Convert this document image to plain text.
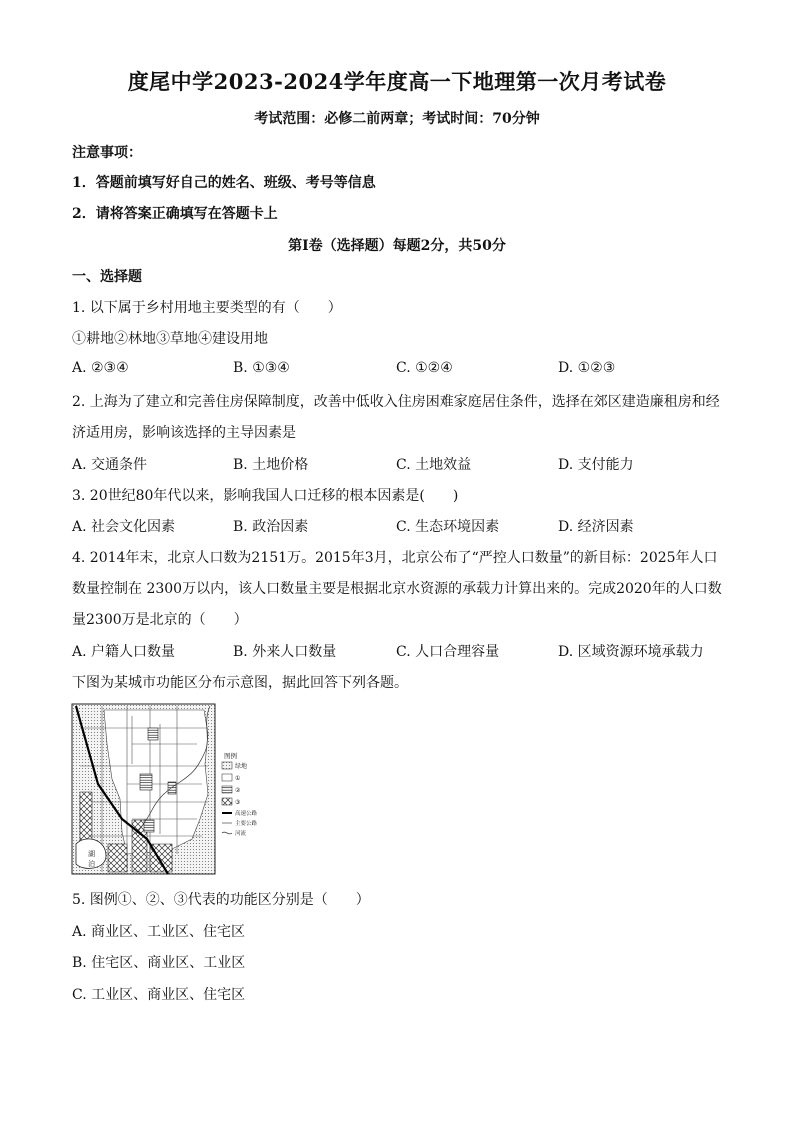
度尾中学2023-2024学年度高一下地理第一次月考试卷
考试范围：必修二前两章；考试时间：70分钟
注意事项：
1．答题前填写好自己的姓名、班级、考号等信息
2．请将答案正确填写在答题卡上
第I卷（选择题）每题2分，共50分
一、选择题
1. 以下属于乡村用地主要类型的有（　　）
①耕地②林地③草地④建设用地
A. ②③④	B. ①③④	C. ①②④	D. ①②③
2. 上海为了建立和完善住房保障制度，改善中低收入住房困难家庭居住条件，选择在郊区建造廉租房和经
济适用房，影响该选择的主导因素是
A. 交通条件	B. 土地价格	C. 土地效益	D. 支付能力
3. 20世纪80年代以来，影响我国人口迁移的根本因素是(　　)
A. 社会文化因素	B. 政治因素	C. 生态环境因素	D. 经济因素
4. 2014年末，北京人口数为2151万。2015年3月，北京公布了“严控人口数量”的新目标：2025年人口
数量控制在 2300万以内，该人口数量主要是根据北京水资源的承载力计算出来的。完成2020年的人口数
量2300万是北京的（　　）
A. 户籍人口数量	B. 外来人口数量	C. 人口合理容量	D. 区域资源环境承载力
下图为某城市功能区分布示意图，据此回答下列各题。
湖
泊
图例
绿地
①
②
③
高速公路
主要公路
河流
5. 图例①、②、③代表的功能区分别是（　　）
A. 商业区、工业区、住宅区
B. 住宅区、商业区、工业区
C. 工业区、商业区、住宅区
